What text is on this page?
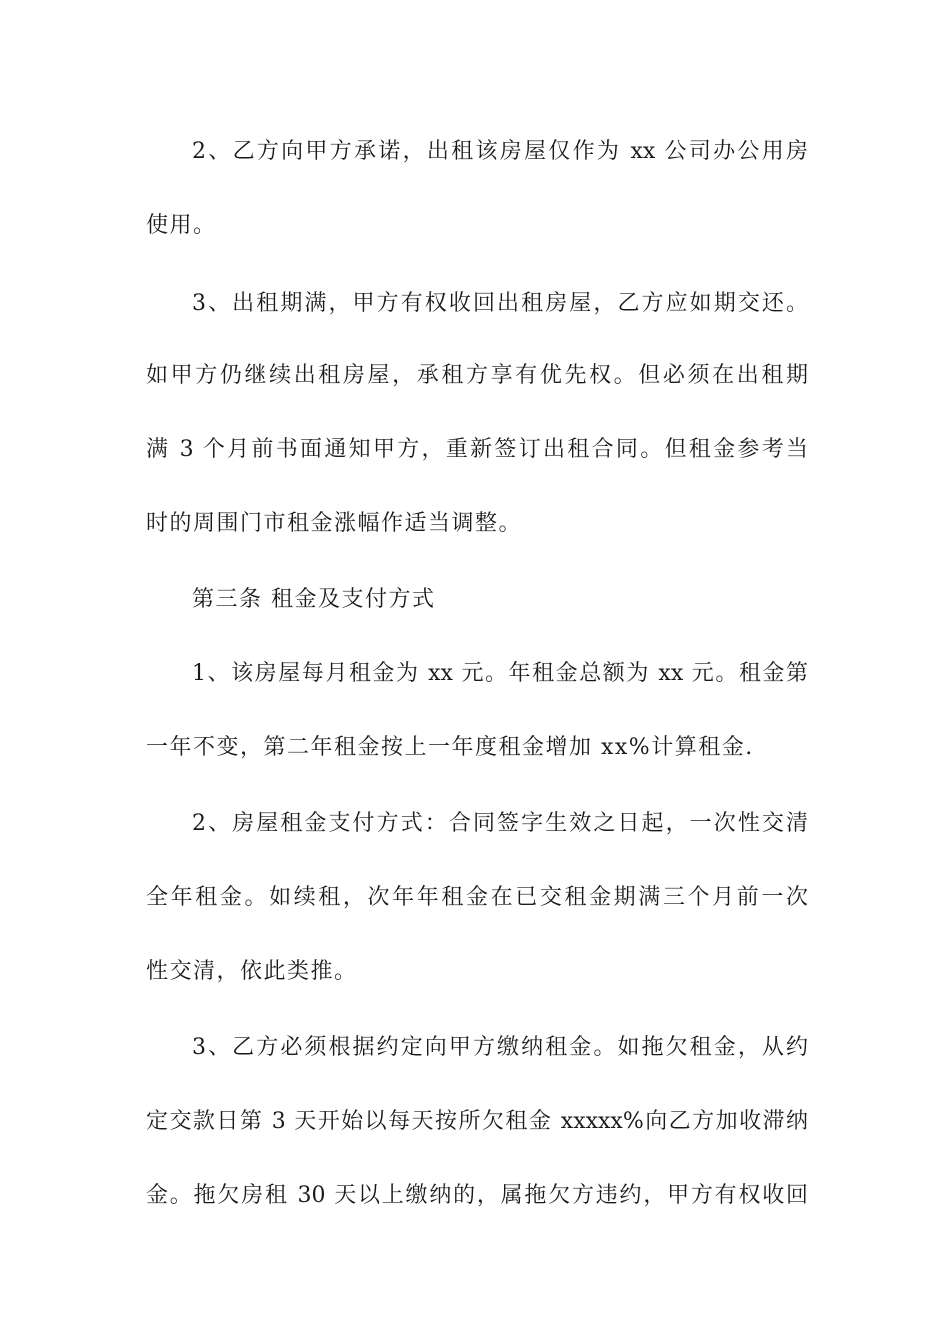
2、乙方向甲方承诺，出租该房屋仅作为 xx 公司办公用房
使用。
3、出租期满，甲方有权收回出租房屋，乙方应如期交还。
如甲方仍继续出租房屋，承租方享有优先权。但必须在出租期
满 3 个月前书面通知甲方，重新签订出租合同。但租金参考当
时的周围门市租金涨幅作适当调整。
第三条 租金及支付方式
1、该房屋每月租金为 xx 元。年租金总额为 xx 元。租金第
一年不变，第二年租金按上一年度租金增加 xx%计算租金.
2、房屋租金支付方式：合同签字生效之日起，一次性交清
全年租金。如续租，次年年租金在已交租金期满三个月前一次
性交清，依此类推。
3、乙方必须根据约定向甲方缴纳租金。如拖欠租金，从约
定交款日第 3 天开始以每天按所欠租金 xxxxx%向乙方加收滞纳
金。拖欠房租 30 天以上缴纳的，属拖欠方违约，甲方有权收回
